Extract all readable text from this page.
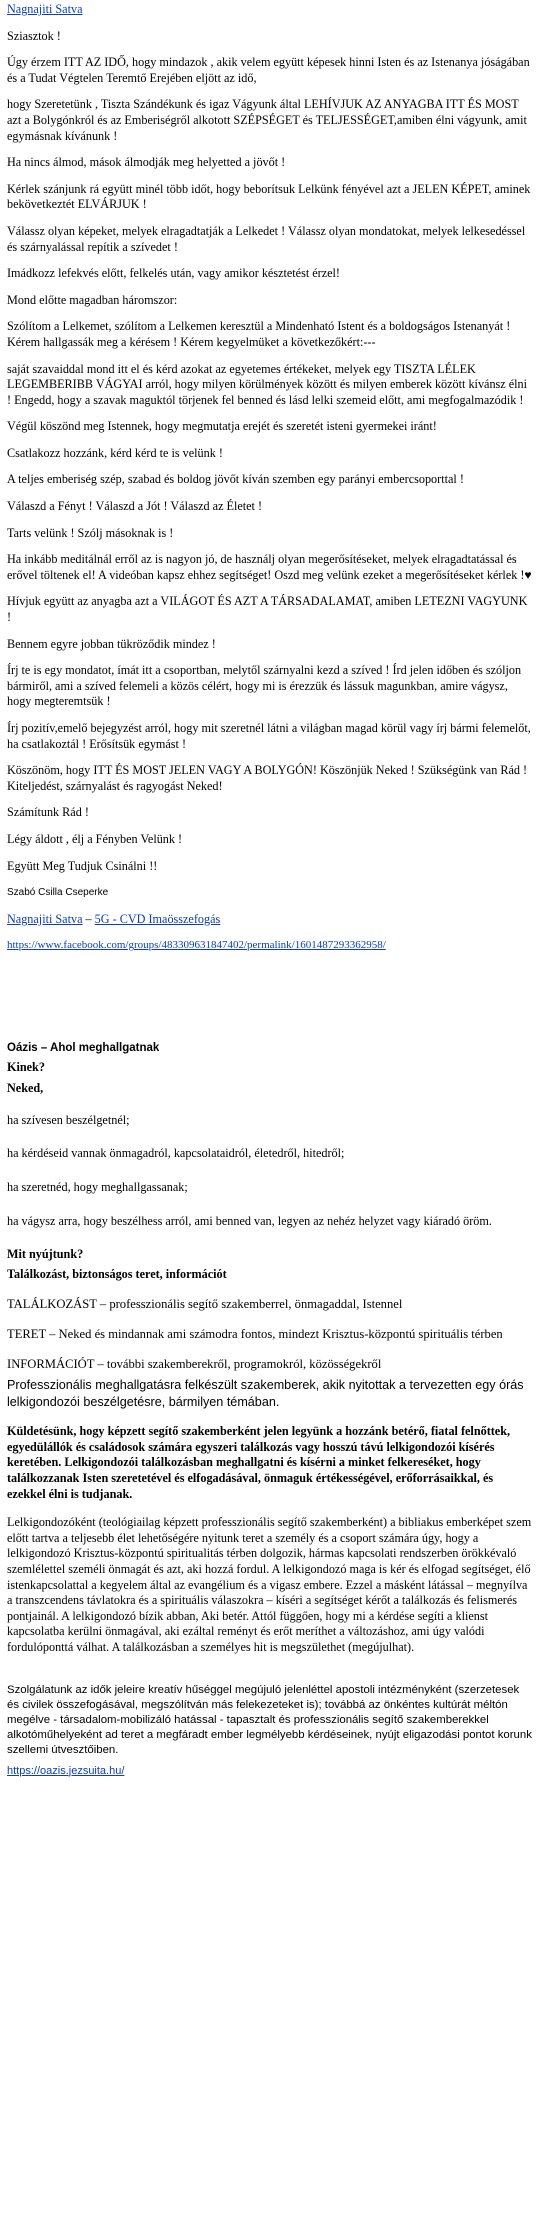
Nagnajiti Satva

Sziasztok !

Úgy érzem ITT AZ IDŐ, hogy mindazok , akik velem együtt képesek hinni Isten és az Istenanya jóságában és a Tudat Végtelen Teremtő Erejében eljött az idő,

hogy Szeretetünk , Tiszta Szándékunk és igaz Vágyunk által LEHÍVJUK AZ ANYAGBA ITT ÉS MOST azt a Bolygónkról és az Emberiségről alkotott SZÉPSÉGET és TELJESSÉGET,amiben élni vágyunk, amit egymásnak kívánunk !

Ha nincs álmod, mások álmodják meg helyetted a jövőt !

Kérlek szánjunk rá együtt minél több időt, hogy beborítsuk Lelkünk fényével azt a JELEN KÉPET, aminek bekövetkeztét ELVÁRJUK !

Válassz olyan képeket, melyek elragadtatják a Lelkedet ! Válassz olyan mondatokat, melyek lelkesedéssel és szárnyalással repítik a szívedet !

Imádkozz lefekvés előtt, felkelés után, vagy amikor késztetést érzel!

Mond előtte magadban háromszor:

Szólítom a Lelkemet, szólítom a Lelkemen keresztül a Mindenható Istent és a boldogságos Istenanyát ! Kérem hallgassák meg a kérésem ! Kérem kegyelmüket a következőkért:---

saját szavaiddal mond itt el és kérd azokat az egyetemes értékeket, melyek egy TISZTA LÉLEK LEGEMBERIBB VÁGYAI arról, hogy milyen körülmények között és milyen emberek között kívánsz élni ! Engedd, hogy a szavak maguktól törjenek fel benned és lásd lelki szemeid előtt, ami megfogalmazódik !

Végül köszönd meg Istennek, hogy megmutatja erejét és szeretét isteni gyermekei iránt!

Csatlakozz hozzánk, kérd kérd te is velünk !

A teljes emberiség szép, szabad és boldog jövőt kíván szemben egy parányi embercsoporttal !

Válaszd a Fényt ! Válaszd a Jót ! Válaszd az Életet !

Tarts velünk ! Szólj másoknak is !

Ha inkább meditálnál erről az is nagyon jó, de használj olyan megerősítéseket, melyek elragadtatással és erővel töltenek el! A videóban kapsz ehhez segítséget! Oszd meg velünk ezeket a megerősítéseket kérlek !♥

Hívjuk együtt az anyagba azt a VILÁGOT ÉS AZT A TÁRSADALAMAT, amiben LETEZNI VAGYUNK !

Bennem egyre jobban tükröződik mindez !

Írj te is egy mondatot, ímát itt a csoportban, melytől szárnyalni kezd a szíved ! Írd jelen időben és szóljon bármiről, ami a szíved felemeli a közös célért, hogy mi is érezzük és lássuk magunkban, amire vágysz, hogy megteremtsük !

Írj pozitív,emelő bejegyzést arról, hogy mit szeretnél látni a világban magad körül vagy írj bármi felemelőt, ha csatlakoztál ! Erősítsük egymást !

Köszönöm, hogy ITT ÉS MOST JELEN VAGY A BOLYGÓN! Köszönjük Neked ! Szükségünk van Rád ! Kiteljedést, szárnyalást és ragyogást Neked!

Számítunk Rád !

Légy áldott , élj a Fényben Velünk !

Együtt Meg Tudjuk Csinálni !!

Szabó Csilla Cseperke

Nagnajiti Satva – 5G - CVD Imaösszefogás

https://www.facebook.com/groups/483309631847402/permalink/1601487293362958/

Oázis – Ahol meghallgatnak

Kinek?

Neked,

ha szívesen beszélgetnél;

ha kérdéseid vannak önmagadról, kapcsolataidról, életedről, hitedről;

ha szeretnéd, hogy meghallgassanak;

ha vágysz arra, hogy beszélhess arról, ami benned van, legyen az nehéz helyzet vagy kiáradó öröm.

Mit nyújtunk?

Találkozást, biztonságos teret, információt

TALÁLKOZÁST – professzionális segítő szakemberrel, önmagaddal, Istennel

TERET – Neked és mindannak ami számodra fontos, mindezt Krisztus-központú spirituális térben

INFORMÁCIÓT – további szakemberekről, programokról, közösségekről

Professzionális meghallgatásra felkészült szakemberek, akik nyitottak a tervezetten egy órás lelkigondozói beszélgetésre, bármilyen témában.

Küldetésünk, hogy képzett segítő szakemberként jelen legyünk a hozzánk betérő, fiatal felnőttek, egyedülállók és családosok számára egyszeri találkozás vagy hosszú távú lelkigondozói kísérés keretében. Lelkigondozói találkozásban meghallgatni és kísérni a minket felkereséket, hogy találkozzanak Isten szeretetével és elfogadásával, önmaguk értékességével, erőforrásaikkal, és ezekkel élni is tudjanak.

Lelkigondozóként (teológiailag képzett professzionális segítő szakemberként) a bibliakus emberképet szem előtt tartva a teljesebb élet lehetőségére nyitunk teret a személy és a csoport számára úgy, hogy a lelkigondozó Krisztus-központú spiritualitás térben dolgozik, hármas kapcsolati rendszerben örökkévaló szemlélettel személi önmagát és azt, aki hozzá fordul. A lelkigondozó maga is kér és elfogad segítséget, élő istenkapcsolattal a kegyelem által az evangélium és a vigasz embere. Ezzel a másként látással – megnyílva a transzcendens távlatokra és a spirituális válaszokra – kíséri a segítséget kérőt a találkozás és felismerés pontjainál. A lelkigondozó bízik abban, Aki betér. Attól függően, hogy mi a kérdése segíti a klienst kapcsolatba kerülni önmagával, aki ezáltal reményt és erőt meríthet a változáshoz, ami úgy valódi fordulóponttá válhat. A találkozásban a személyes hit is megszülethet (megújulhat).

Szolgálatunk az idők jeleire kreatív hűséggel megújuló jelenléttel apostoli intézményként (szerzetesek és civilek összefogásával, megszólítván más felekezeteket is); továbbá az önkéntes kultúrát méltón megélve - társadalom-mobilizáló hatással - tapasztalt és professzionális segítő szakemberekkel alkotóműhelyeként ad teret a megfáradt ember legmélyebb kérdéseinek, nyújt eligazodási pontot korunk szellemi útvesztőiben.

https://oazis.jezsuita.hu/
